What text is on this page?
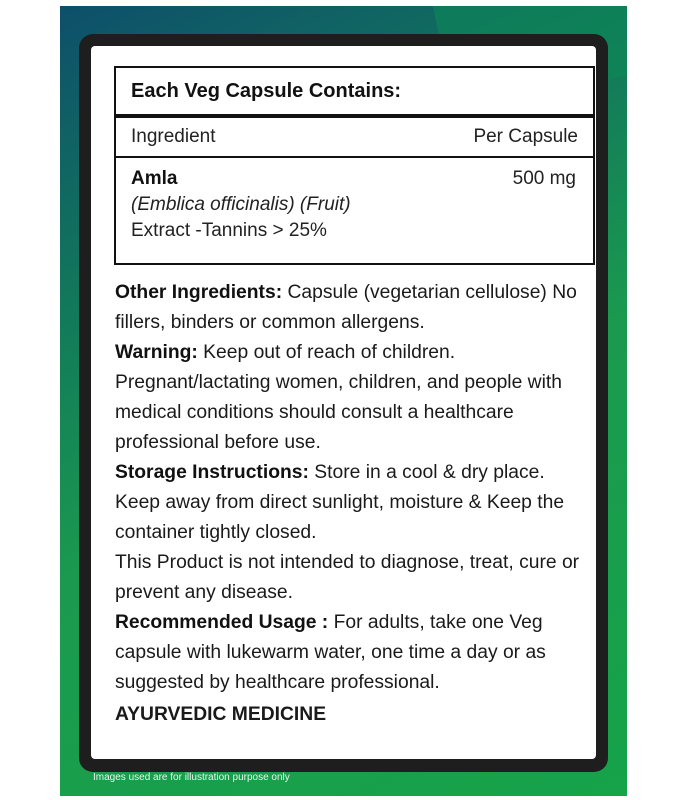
Each Veg Capsule Contains:
Ingredient	Per Capsule
Amla
(Emblica officinalis) (Fruit)
Extract -Tannins > 25%
500 mg

Other Ingredients: Capsule (vegetarian cellulose) No fillers, binders or common allergens.

Warning: Keep out of reach of children. Pregnant/lactating women, children, and people with medical conditions should consult a healthcare professional before use.

Storage Instructions: Store in a cool & dry place. Keep away from direct sunlight, moisture & Keep the container tightly closed.

This Product is not intended to diagnose, treat, cure or prevent any disease.

Recommended Usage : For adults, take one Veg capsule with lukewarm water, one time a day or as suggested by healthcare professional.

AYURVEDIC MEDICINE

Images used are for illustration purpose only
